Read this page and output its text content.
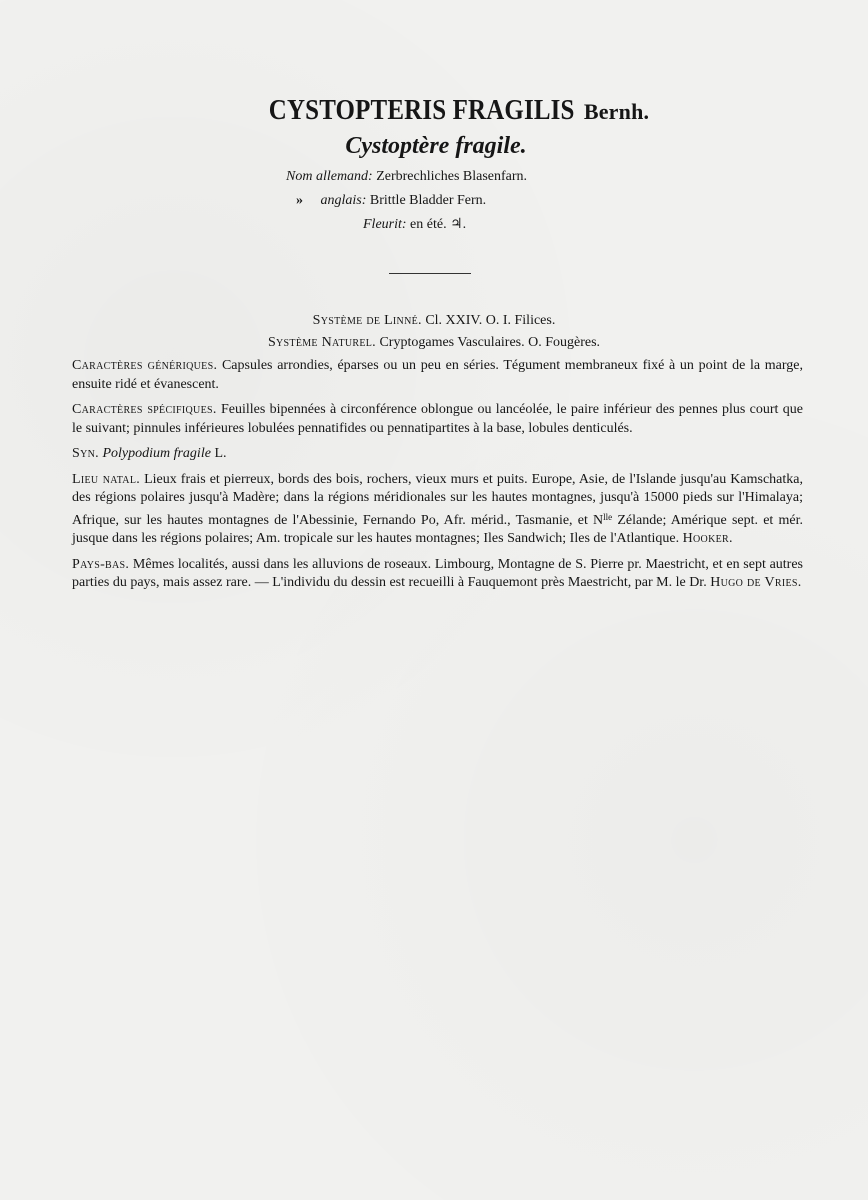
CYSTOPTERIS FRAGILIS Bernh.
Cystoptère fragile.
Nom allemand: Zerbrechliches Blasenfarn.
» anglais: Brittle Bladder Fern.
Fleurit: en été. ♃.
Système de Linné. Cl. XXIV. O. I. Filices.
Système Naturel. Cryptogames Vasculaires. O. Fougères.

Caractères génériques. Capsules arrondies, éparses ou un peu en séries. Tégument membraneux fixé à un point de la marge, ensuite ridé et évanescent.

Caractères spécifiques. Feuilles bipennées à circonférence oblongue ou lancéolée, le paire inférieur des pennes plus court que le suivant; pinnules inférieures lobulées pennatifides ou pennatipartites à la base, lobules denticulés.

Syn. Polypodium fragile L.

Lieu natal. Lieux frais et pierreux, bords des bois, rochers, vieux murs et puits. Europe, Asie, de l'Islande jusqu'au Kamschatka, des régions polaires jusqu'à Madère; dans la régions méridionales sur les hautes montagnes, jusqu'à 15000 pieds sur l'Himalaya; Afrique, sur les hautes montagnes de l'Abessinie, Fernando Po, Afr. mérid., Tasmanie, et $N^{lle}$ Zélande; Amérique sept. et mér. jusque dans les régions polaires; Am. tropicale sur les hautes montagnes; Iles Sandwich; Iles de l'Atlantique. Hooker.

Pays-bas. Mêmes localités, aussi dans les alluvions de roseaux. Limbourg, Montagne de S. Pierre pr. Maestricht, et en sept autres parties du pays, mais assez rare. — L'individu du dessin est recueilli à Fauquemont près Maestricht, par M. le Dr. Hugo de Vries.
